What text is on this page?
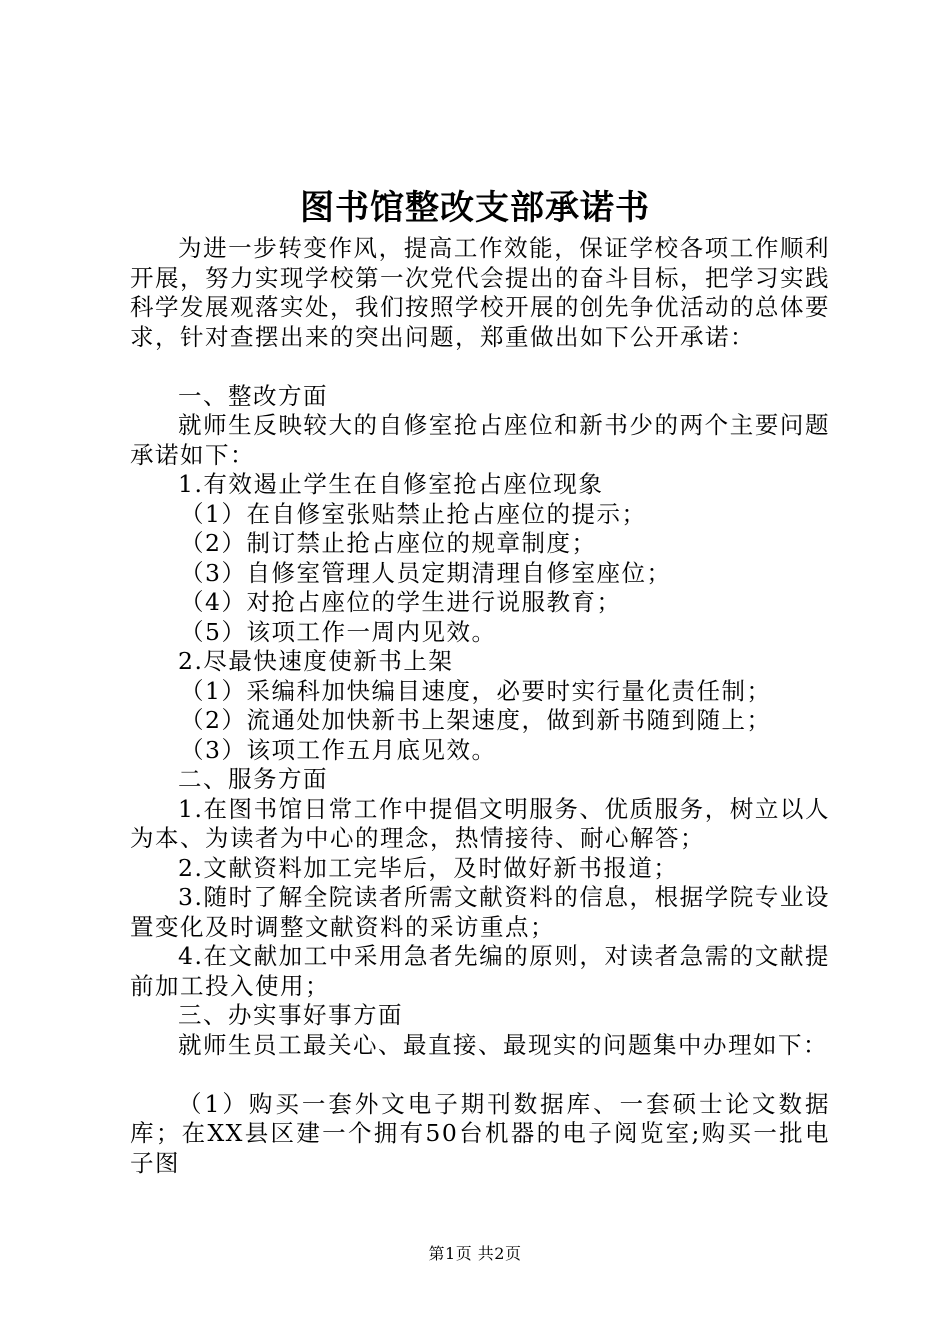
图书馆整改支部承诺书

为进一步转变作风，提高工作效能，保证学校各项工作顺利开展，努力实现学校第一次党代会提出的奋斗目标，把学习实践科学发展观落实处，我们按照学校开展的创先争优活动的总体要求，针对查摆出来的突出问题，郑重做出如下公开承诺：

一、整改方面

就师生反映较大的自修室抢占座位和新书少的两个主要问题承诺如下：

1.有效遏止学生在自修室抢占座位现象

（1）在自修室张贴禁止抢占座位的提示；

（2）制订禁止抢占座位的规章制度；

（3）自修室管理人员定期清理自修室座位；

（4）对抢占座位的学生进行说服教育；

（5）该项工作一周内见效。

2.尽最快速度使新书上架

（1）采编科加快编目速度，必要时实行量化责任制；

（2）流通处加快新书上架速度，做到新书随到随上；

（3）该项工作五月底见效。

二、服务方面

1.在图书馆日常工作中提倡文明服务、优质服务，树立以人为本、为读者为中心的理念，热情接待、耐心解答；

2.文献资料加工完毕后，及时做好新书报道；

3.随时了解全院读者所需文献资料的信息，根据学院专业设置变化及时调整文献资料的采访重点；

4.在文献加工中采用急者先编的原则，对读者急需的文献提前加工投入使用；

三、办实事好事方面

就师生员工最关心、最直接、最现实的问题集中办理如下：

（1）购买一套外文电子期刊数据库、一套硕士论文数据库；在XX县区建一个拥有50台机器的电子阅览室;购买一批电子图

第1页 共2页
